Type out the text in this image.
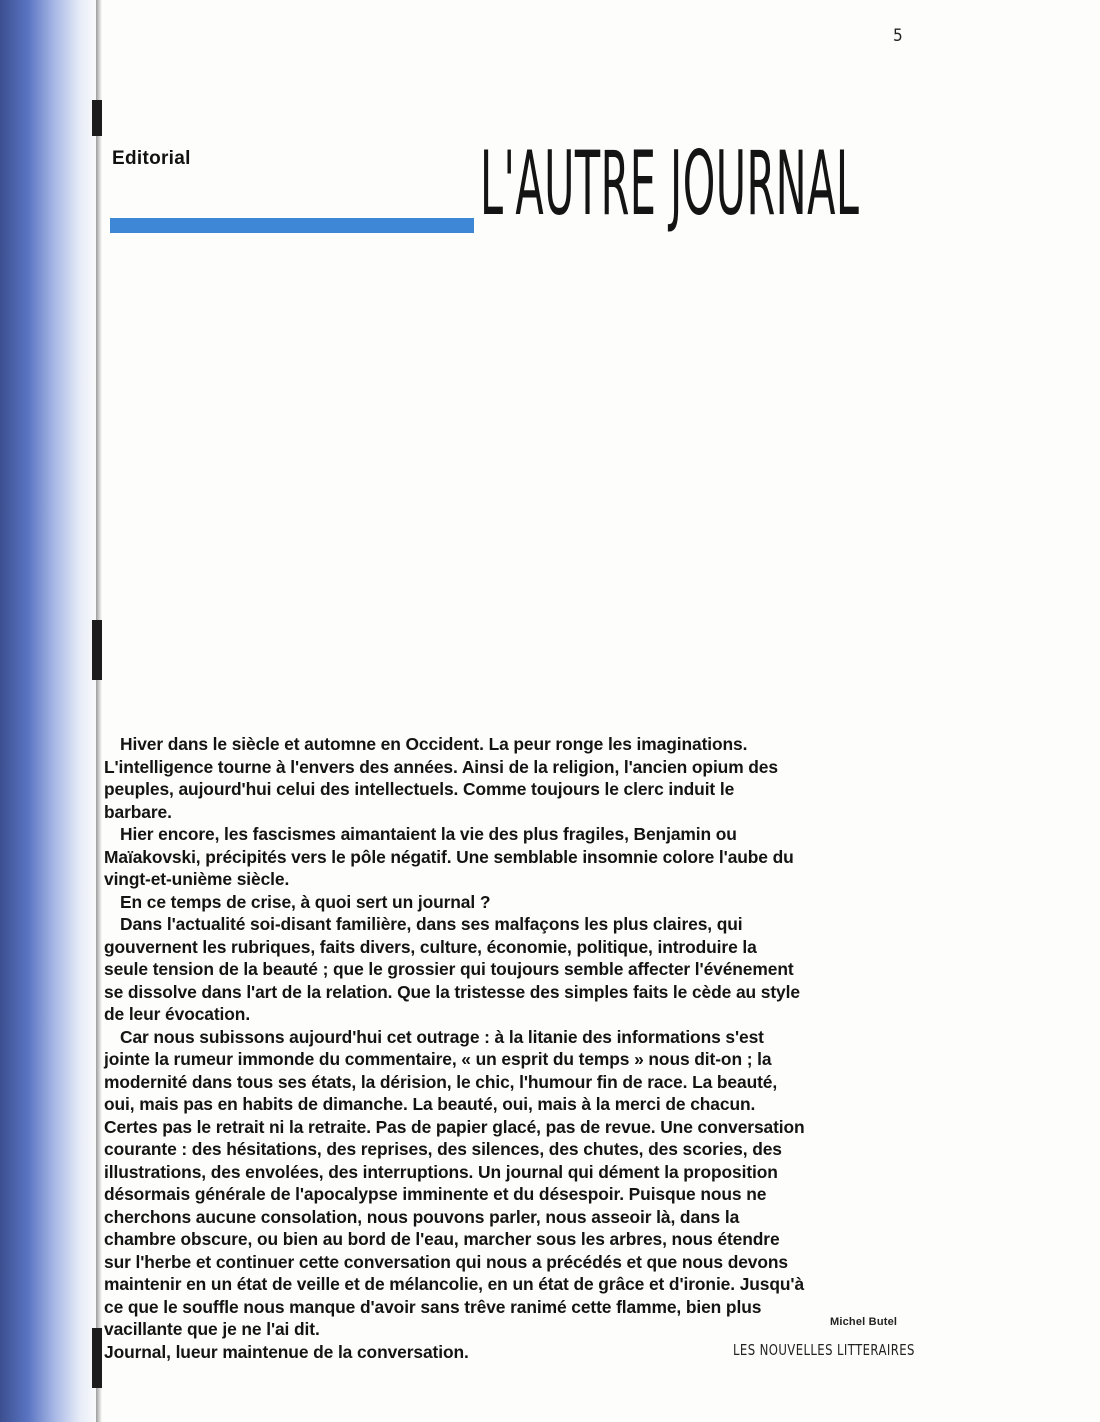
5
Editorial	L'AUTRE JOURNAL
Hiver dans le siècle et automne en Occident. La peur ronge les imaginations.
L'intelligence tourne à l'envers des années. Ainsi de la religion, l'ancien opium des
peuples, aujourd'hui celui des intellectuels. Comme toujours le clerc induit le
barbare.
Hier encore, les fascismes aimantaient la vie des plus fragiles, Benjamin ou
Maïakovski, précipités vers le pôle négatif. Une semblable insomnie colore l'aube du
vingt-et-unième siècle.
En ce temps de crise, à quoi sert un journal ?
Dans l'actualité soi-disant familière, dans ses malfaçons les plus claires, qui
gouvernent les rubriques, faits divers, culture, économie, politique, introduire la
seule tension de la beauté ; que le grossier qui toujours semble affecter l'événement
se dissolve dans l'art de la relation. Que la tristesse des simples faits le cède au style
de leur évocation.
Car nous subissons aujourd'hui cet outrage : à la litanie des informations s'est
jointe la rumeur immonde du commentaire, « un esprit du temps » nous dit-on ; la
modernité dans tous ses états, la dérision, le chic, l'humour fin de race. La beauté,
oui, mais pas en habits de dimanche. La beauté, oui, mais à la merci de chacun.
Certes pas le retrait ni la retraite. Pas de papier glacé, pas de revue. Une conversation
courante : des hésitations, des reprises, des silences, des chutes, des scories, des
illustrations, des envolées, des interruptions. Un journal qui dément la proposition
désormais générale de l'apocalypse imminente et du désespoir. Puisque nous ne
cherchons aucune consolation, nous pouvons parler, nous asseoir là, dans la
chambre obscure, ou bien au bord de l'eau, marcher sous les arbres, nous étendre
sur l'herbe et continuer cette conversation qui nous a précédés et que nous devons
maintenir en un état de veille et de mélancolie, en un état de grâce et d'ironie. Jusqu'à
ce que le souffle nous manque d'avoir sans trêve ranimé cette flamme, bien plus
vacillante que je ne l'ai dit.
Journal, lueur maintenue de la conversation.
Michel Butel
LES NOUVELLES LITTERAIRES
